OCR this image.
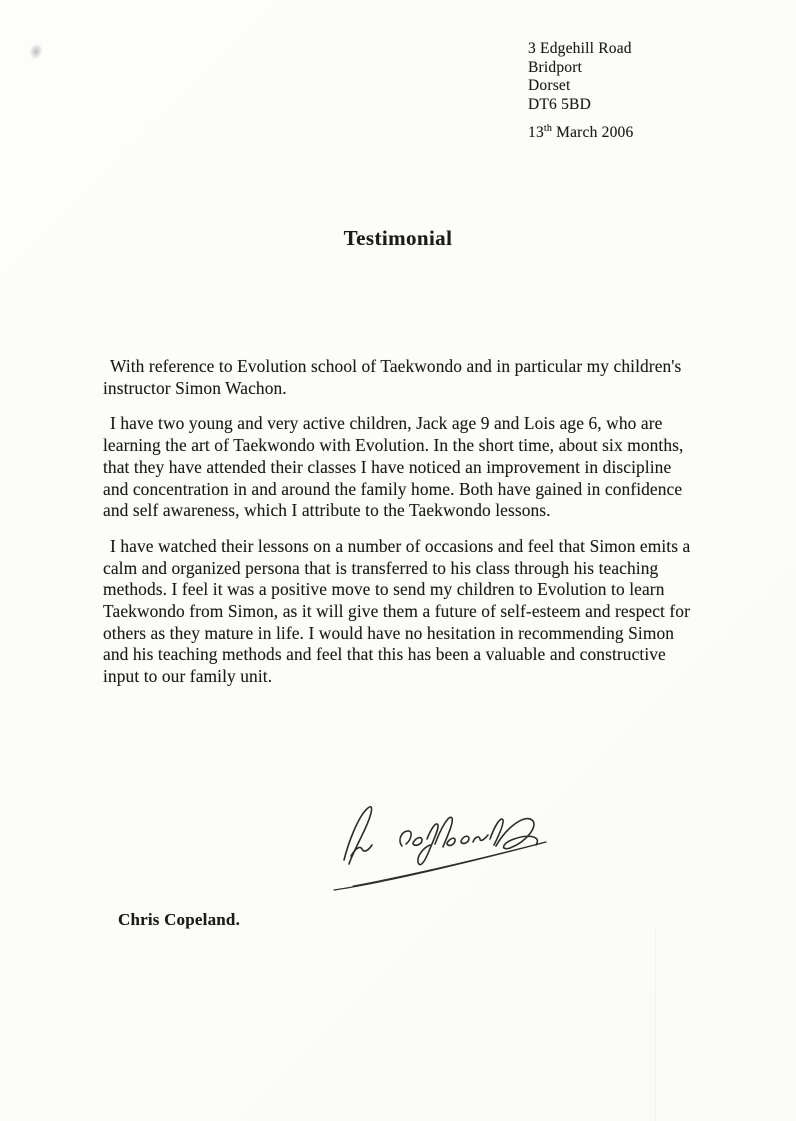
3 Edgehill Road
Bridport
Dorset
DT6 5BD
13th March 2006
Testimonial

With reference to Evolution school of Taekwondo and in particular my children's instructor Simon Wachon.

I have two young and very active children, Jack age 9 and Lois age 6, who are learning the art of Taekwondo with Evolution. In the short time, about six months, that they have attended their classes I have noticed an improvement in discipline and concentration in and around the family home. Both have gained in confidence and self awareness, which I attribute to the Taekwondo lessons.

I have watched their lessons on a number of occasions and feel that Simon emits a calm and organized persona that is transferred to his class through his teaching methods. I feel it was a positive move to send my children to Evolution to learn Taekwondo from Simon, as it will give them a future of self-esteem and respect for others as they mature in life. I would have no hesitation in recommending Simon and his teaching methods and feel that this has been a valuable and constructive input to our family unit.

Chris Copeland.
